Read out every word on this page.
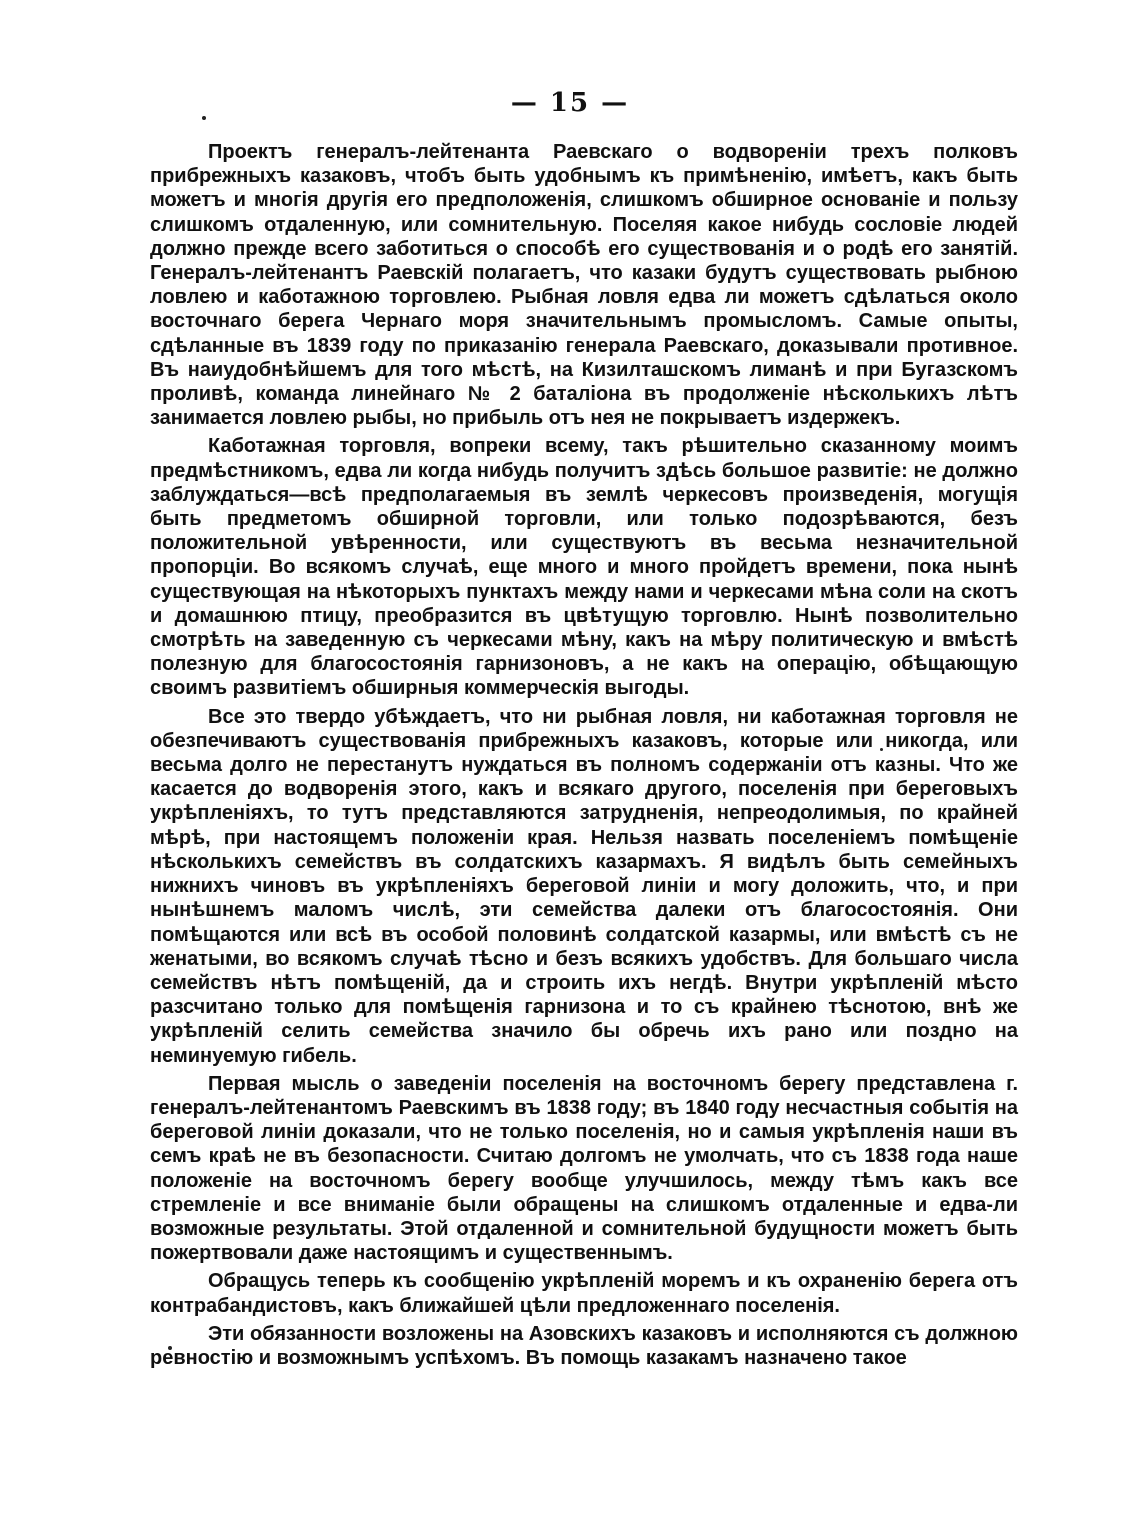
— 15 —

Проектъ генералъ-лейтенанта Раевскаго о водвореніи трехъ полковъ прибрежныхъ казаковъ, чтобъ быть удобнымъ къ примѣненію, имѣетъ, какъ быть можетъ и многія другія его предположенія, слишкомъ обширное основаніе и пользу слишкомъ отдаленную, или сомнительную. Поселяя какое нибудь сословіе людей должно прежде всего заботиться о способѣ его существованія и о родѣ его занятій. Генералъ-лейтенантъ Раевскій полагаетъ, что казаки будутъ существовать рыбною ловлею и каботажною торговлею. Рыбная ловля едва ли можетъ сдѣлаться около восточнаго берега Чернаго моря значительнымъ промысломъ. Самые опыты, сдѣланные въ 1839 году по приказанію генерала Раевскаго, доказывали противное. Въ наиудобнѣйшемъ для того мѣстѣ, на Кизилташскомъ лиманѣ и при Бугазскомъ проливѣ, команда линейнаго № 2 баталіона въ продолженіе нѣсколькихъ лѣтъ занимается ловлею рыбы, но прибыль отъ нея не покрываетъ издержекъ.

Каботажная торговля, вопреки всему, такъ рѣшительно сказанному моимъ предмѣстникомъ, едва ли когда нибудь получитъ здѣсь большое развитіе: не должно заблуждаться—всѣ предполагаемыя въ землѣ черкесовъ произведенія, могущія быть предметомъ обширной торговли, или только подозрѣваются, безъ положительной увѣренности, или существуютъ въ весьма незначительной пропорціи. Во всякомъ случаѣ, еще много и много пройдетъ времени, пока нынѣ существующая на нѣкоторыхъ пунктахъ между нами и черкесами мѣна соли на скотъ и домашнюю птицу, преобразится въ цвѣтущую торговлю. Нынѣ позволительно смотрѣть на заведенную съ черкесами мѣну, какъ на мѣру политическую и вмѣстѣ полезную для благосостоянія гарнизоновъ, а не какъ на операцію, обѣщающую своимъ развитіемъ обширныя коммерческія выгоды.

Все это твердо убѣждаетъ, что ни рыбная ловля, ни каботажная торговля не обезпечиваютъ существованія прибрежныхъ казаковъ, которые или никогда, или весьма долго не перестанутъ нуждаться въ полномъ содержаніи отъ казны. Что же касается до водворенія этого, какъ и всякаго другого, поселенія при береговыхъ укрѣпленіяхъ, то тутъ представляются затрудненія, непреодолимыя, по крайней мѣрѣ, при настоящемъ положеніи края. Нельзя назвать поселеніемъ помѣщеніе нѣсколькихъ семействъ въ солдатскихъ казармахъ. Я видѣлъ быть семейныхъ нижнихъ чиновъ въ укрѣпленіяхъ береговой линіи и могу доложить, что, и при нынѣшнемъ маломъ числѣ, эти семейства далеки отъ благосостоянія. Они помѣщаются или всѣ въ особой половинѣ солдатской казармы, или вмѣстѣ съ не женатыми, во всякомъ случаѣ тѣсно и безъ всякихъ удобствъ. Для большаго числа семействъ нѣтъ помѣщеній, да и строить ихъ негдѣ. Внутри укрѣпленій мѣсто разсчитано только для помѣщенія гарнизона и то съ крайнею тѣснотою, внѣ же укрѣпленій селить семейства значило бы обречь ихъ рано или поздно на неминуемую гибель.

Первая мысль о заведеніи поселенія на восточномъ берегу представлена г. генералъ-лейтенантомъ Раевскимъ въ 1838 году; въ 1840 году несчастныя событія на береговой линіи доказали, что не только поселенія, но и самыя укрѣпленія наши въ семъ краѣ не въ безопасности. Считаю долгомъ не умолчать, что съ 1838 года наше положеніе на восточномъ берегу вообще улучшилось, между тѣмъ какъ все стремленіе и все вниманіе были обращены на слишкомъ отдаленные и едва-ли возможные результаты. Этой отдаленной и сомнительной будущности можетъ быть пожертвовали даже настоящимъ и существеннымъ.

Обращусь теперь къ сообщенію укрѣпленій моремъ и къ охраненію берега отъ контрабандистовъ, какъ ближайшей цѣли предложеннаго поселенія.

Эти обязанности возложены на Азовскихъ казаковъ и исполняются съ должною ревностію и возможнымъ успѣхомъ. Въ помощь казакамъ назначено такое
